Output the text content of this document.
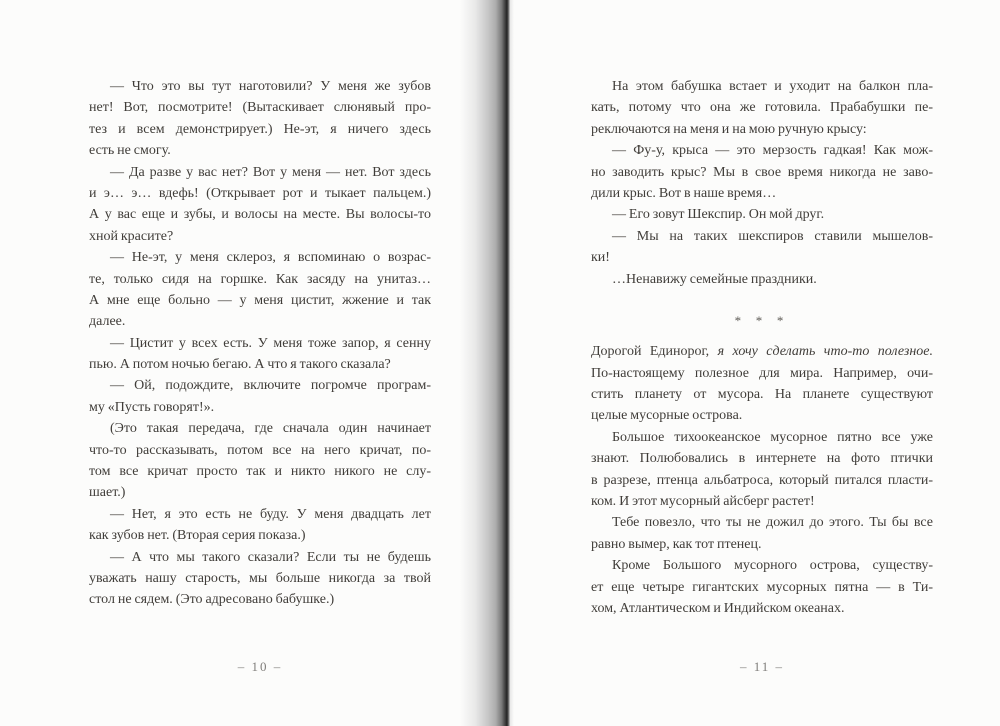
— Что это вы тут наготовили? У меня же зубов
нет! Вот, посмотрите! (Вытаскивает слюнявый про-
тез и всем демонстрирует.) Не-эт, я ничего здесь
есть не смогу.
— Да разве у вас нет? Вот у меня — нет. Вот здесь
и э… э… вдефь! (Открывает рот и тыкает пальцем.)
А у вас еще и зубы, и волосы на месте. Вы волосы-то
хной красите?
— Не-эт, у меня склероз, я вспоминаю о возрас-
те, только сидя на горшке. Как засяду на унитаз…
А мне еще больно — у меня цистит, жжение и так
далее.
— Цистит у всех есть. У меня тоже запор, я сенну
пью. А потом ночью бегаю. А что я такого сказала?
— Ой, подождите, включите погромче програм-
му «Пусть говорят!».
(Это такая передача, где сначала один начинает
что-то рассказывать, потом все на него кричат, по-
том все кричат просто так и никто никого не слу-
шает.)
— Нет, я это есть не буду. У меня двадцать лет
как зубов нет. (Вторая серия показа.)
— А что мы такого сказали? Если ты не будешь
уважать нашу старость, мы больше никогда за твой
стол не сядем. (Это адресовано бабушке.)
– 10 –
На этом бабушка встает и уходит на балкон пла-
кать, потому что она же готовила. Прабабушки пе-
реключаются на меня и на мою ручную крысу:
— Фу-у, крыса — это мерзость гадкая! Как мож-
но заводить крыс? Мы в свое время никогда не заво-
дили крыс. Вот в наше время…
— Его зовут Шекспир. Он мой друг.
— Мы на таких шекспиров ставили мышелов-
ки!
…Ненавижу семейные праздники.
* * *
Дорогой Единорог, я хочу сделать что-то полезное.
По-настоящему полезное для мира. Например, очи-
стить планету от мусора. На планете существуют
целые мусорные острова.
Большое тихоокеанское мусорное пятно все уже
знают. Полюбовались в интернете на фото птички
в разрезе, птенца альбатроса, который питался пласти-
ком. И этот мусорный айсберг растет!
Тебе повезло, что ты не дожил до этого. Ты бы все
равно вымер, как тот птенец.
Кроме Большого мусорного острова, существу-
ет еще четыре гигантских мусорных пятна — в Ти-
хом, Атлантическом и Индийском океанах.
– 11 –
